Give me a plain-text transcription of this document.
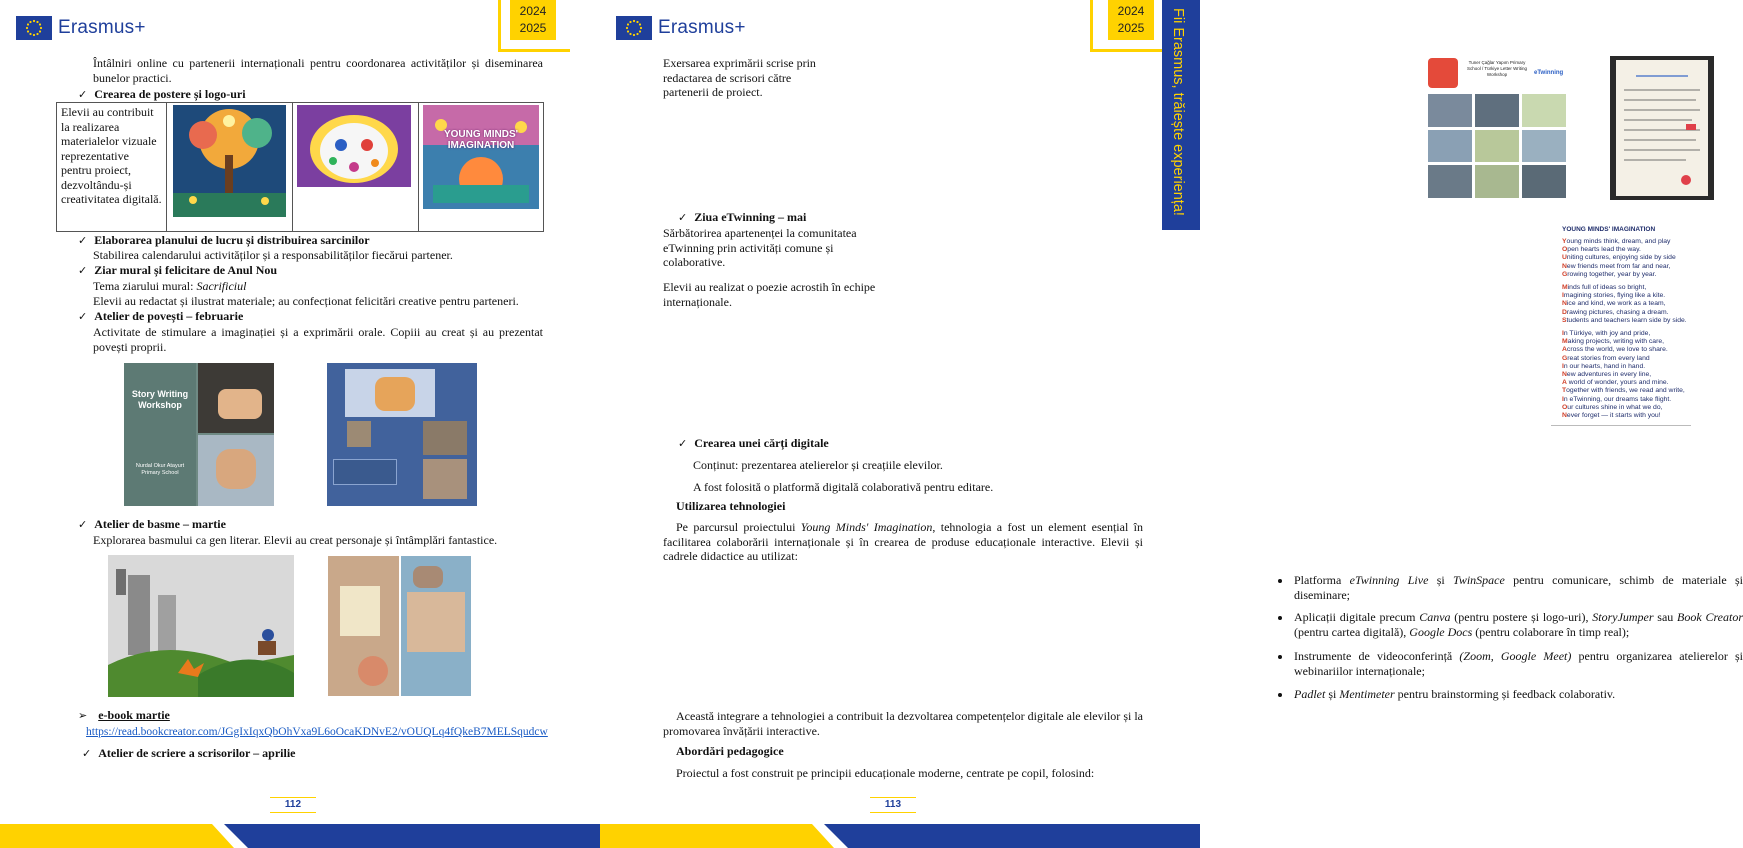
Erasmus+
2024
2025
Întâlniri online cu partenerii internaționali pentru coordonarea activităților și diseminarea bunelor practici.
✓ Crearea de postere și logo-uri
Elevii au contribuit la realizarea materialelor vizuale reprezentative pentru proiect, dezvoltându-și creativitatea digitală.
YOUNG MINDS' IMAGINATION
✓ Elaborarea planului de lucru și distribuirea sarcinilor
Stabilirea calendarului activităților și a responsabilităților fiecărui partener.
✓ Ziar mural și felicitare de Anul Nou
Tema ziarului mural: Sacrificiul
Elevii au redactat și ilustrat materiale; au confecționat felicitări creative pentru parteneri.
✓ Atelier de povești – februarie
Activitate de stimulare a imaginației și a exprimării orale. Copiii au creat și au prezentat povești proprii.
Story Writing Workshop
Nurdal Okur Atayurt Primary School
✓ Atelier de basme – martie
Explorarea basmului ca gen literar. Elevii au creat personaje și întâmplări fantastice.
➢ e-book martie
https://read.bookcreator.com/JGgIxIqxQbOhVxa9L6oOcaKDNvE2/vOUQLq4fQkeB7MELSqudcw
✓ Atelier de scriere a scrisorilor – aprilie
112
Erasmus+
2024
2025	Fii Erasmus, trăiește experiența!
Exersarea exprimării scrise prin redactarea de scrisori către partenerii de proiect.
Tuner Çağlar Yapım Primary School / Türkiye Letter Writing Workshop	eTwinning
✓ Ziua eTwinning – mai
Sărbătorirea apartenenței la comunitatea eTwinning prin activități comune și colaborative.
Elevii au realizat o poezie acrostih în echipe internaționale.
YOUNG MINDS' IMAGINATION
Young minds think, dream, and play
Open hearts lead the way.
Uniting cultures, enjoying side by side
New friends meet from far and near,
Growing together, year by year.
Minds full of ideas so bright,
Imagining stories, flying like a kite.
Nice and kind, we work as a team,
Drawing pictures, chasing a dream.
Students and teachers learn side by side.
In Türkiye, with joy and pride,
Making projects, writing with care,
Across the world, we love to share.
Great stories from every land
In our hearts, hand in hand.
New adventures in every line,
A world of wonder, yours and mine.
Together with friends, we read and write,
In eTwinning, our dreams take flight.
Our cultures shine in what we do,
Never forget — it starts with you!
✓ Crearea unei cărți digitale
Conținut: prezentarea atelierelor și creațiile elevilor.
A fost folosită o platformă digitală colaborativă pentru editare.
Utilizarea tehnologiei
Pe parcursul proiectului Young Minds' Imagination, tehnologia a fost un element esențial în facilitarea colaborării internaționale și în crearea de produse educaționale interactive. Elevii și cadrele didactice au utilizat:
Platforma eTwinning Live și TwinSpace pentru comunicare, schimb de materiale și diseminare;
Aplicații digitale precum Canva (pentru postere și logo-uri), StoryJumper sau Book Creator (pentru cartea digitală), Google Docs (pentru colaborare în timp real);
Instrumente de videoconferință (Zoom, Google Meet) pentru organizarea atelierelor și webinariilor internaționale;
Padlet și Mentimeter pentru brainstorming și feedback colaborativ.
Această integrare a tehnologiei a contribuit la dezvoltarea competențelor digitale ale elevilor și la promovarea învățării interactive.
Abordări pedagogice
Proiectul a fost construit pe principii educaționale moderne, centrate pe copil, folosind:
113
